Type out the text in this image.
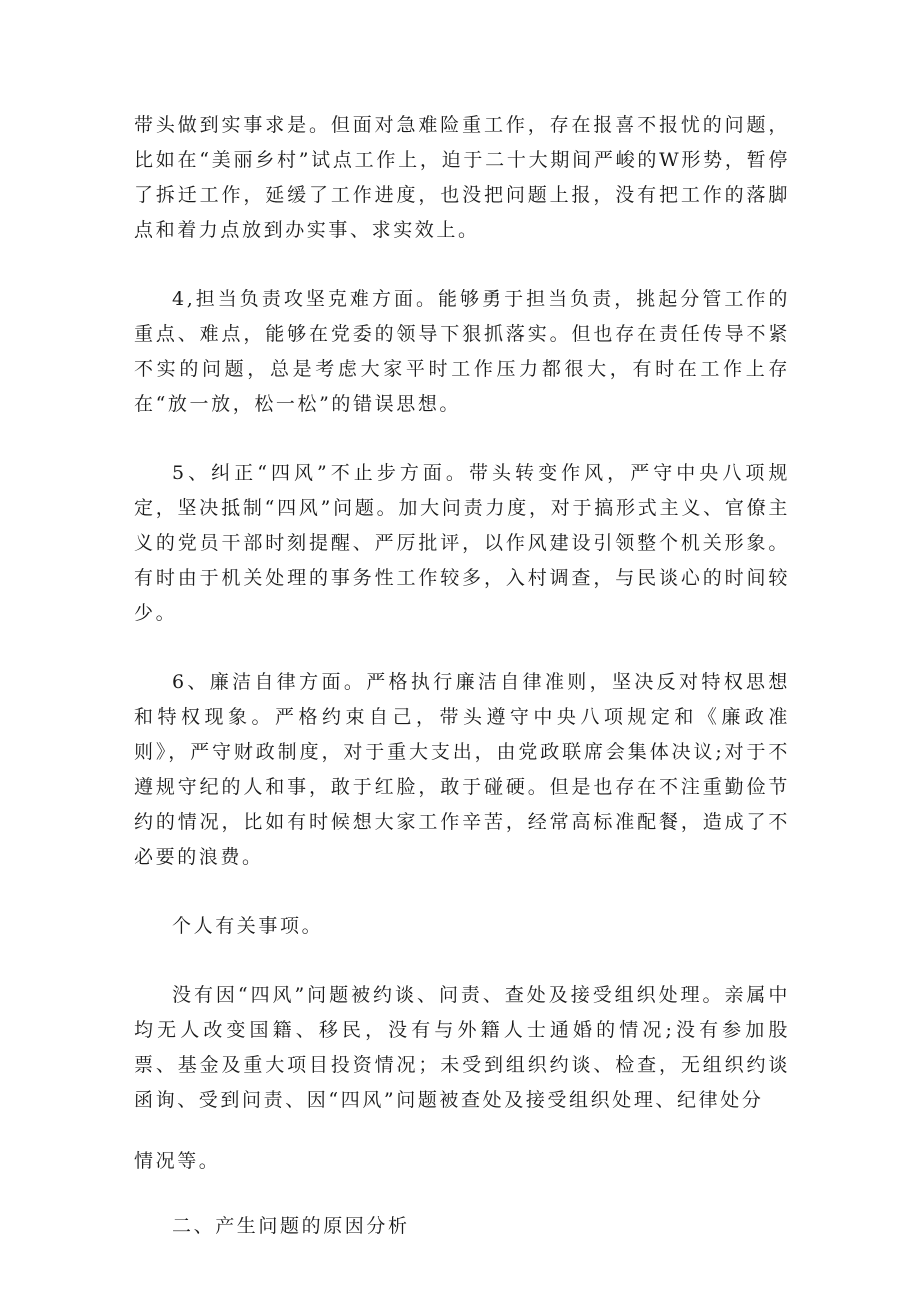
带头做到实事求是。但面对急难险重工作，存在报喜不报忧的问题，比如在“美丽乡村”试点工作上，迫于二十大期间严峻的W形势，暂停了拆迁工作，延缓了工作进度，也没把问题上报，没有把工作的落脚点和着力点放到办实事、求实效上。

4,担当负责攻坚克难方面。能够勇于担当负责，挑起分管工作的重点、难点，能够在党委的领导下狠抓落实。但也存在责任传导不紧不实的问题，总是考虑大家平时工作压力都很大，有时在工作上存在“放一放，松一松”的错误思想。

5、纠正“四风”不止步方面。带头转变作风，严守中央八项规定，坚决抵制“四风”问题。加大问责力度，对于搞形式主义、官僚主义的党员干部时刻提醒、严厉批评，以作风建设引领整个机关形象。有时由于机关处理的事务性工作较多，入村调查，与民谈心的时间较少。

6、廉洁自律方面。严格执行廉洁自律准则，坚决反对特权思想和特权现象。严格约束自己，带头遵守中央八项规定和《廉政准则》，严守财政制度，对于重大支出，由党政联席会集体决议;对于不遵规守纪的人和事，敢于红脸，敢于碰硬。但是也存在不注重勤俭节约的情况，比如有时候想大家工作辛苦，经常高标准配餐，造成了不必要的浪费。

个人有关事项。

没有因“四风”问题被约谈、问责、查处及接受组织处理。亲属中均无人改变国籍、移民，没有与外籍人士通婚的情况;没有参加股票、基金及重大项目投资情况；未受到组织约谈、检查，无组织约谈函询、受到问责、因“四风”问题被查处及接受组织处理、纪律处分

情况等。

二、产生问题的原因分析
